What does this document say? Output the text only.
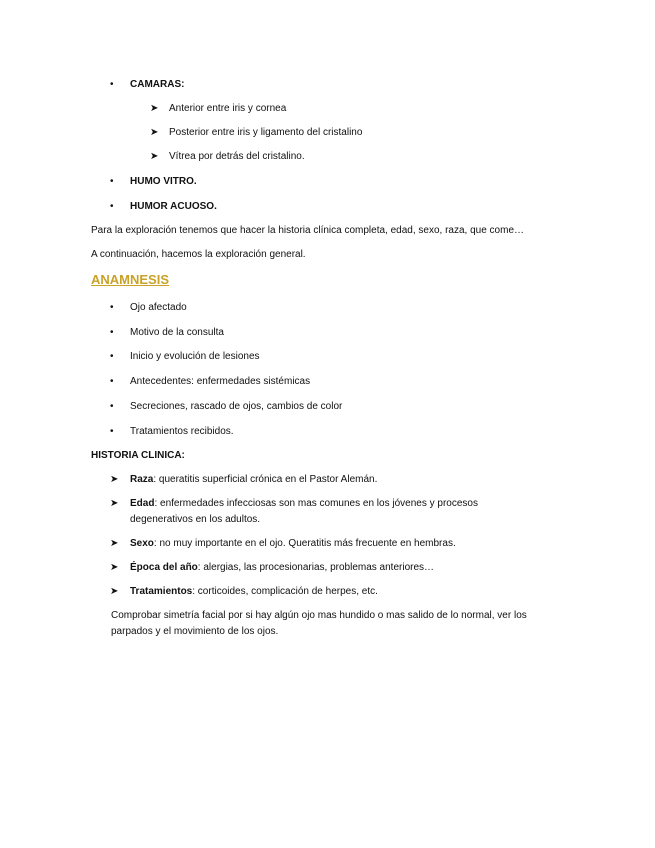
• CAMARAS:
➤ Anterior entre iris y cornea
➤ Posterior entre iris y ligamento del cristalino
➤ Vítrea por detrás del cristalino.
• HUMO VITRO.
• HUMOR ACUOSO.
Para la exploración tenemos que hacer la historia clínica completa, edad, sexo, raza, que come…
A continuación, hacemos la exploración general.
ANAMNESIS
• Ojo afectado
• Motivo de la consulta
• Inicio y evolución de lesiones
• Antecedentes: enfermedades sistémicas
• Secreciones, rascado de ojos, cambios de color
• Tratamientos recibidos.
HISTORIA CLINICA:
➤ Raza: queratitis superficial crónica en el Pastor Alemán.
➤ Edad: enfermedades infecciosas son mas comunes en los jóvenes y procesos
degenerativos en los adultos.
➤ Sexo: no muy importante en el ojo. Queratitis más frecuente en hembras.
➤ Época del año: alergias, las procesionarias, problemas anteriores…
➤ Tratamientos: corticoides, complicación de herpes, etc.
Comprobar simetría facial por si hay algún ojo mas hundido o mas salido de lo normal, ver los
parpados y el movimiento de los ojos.
